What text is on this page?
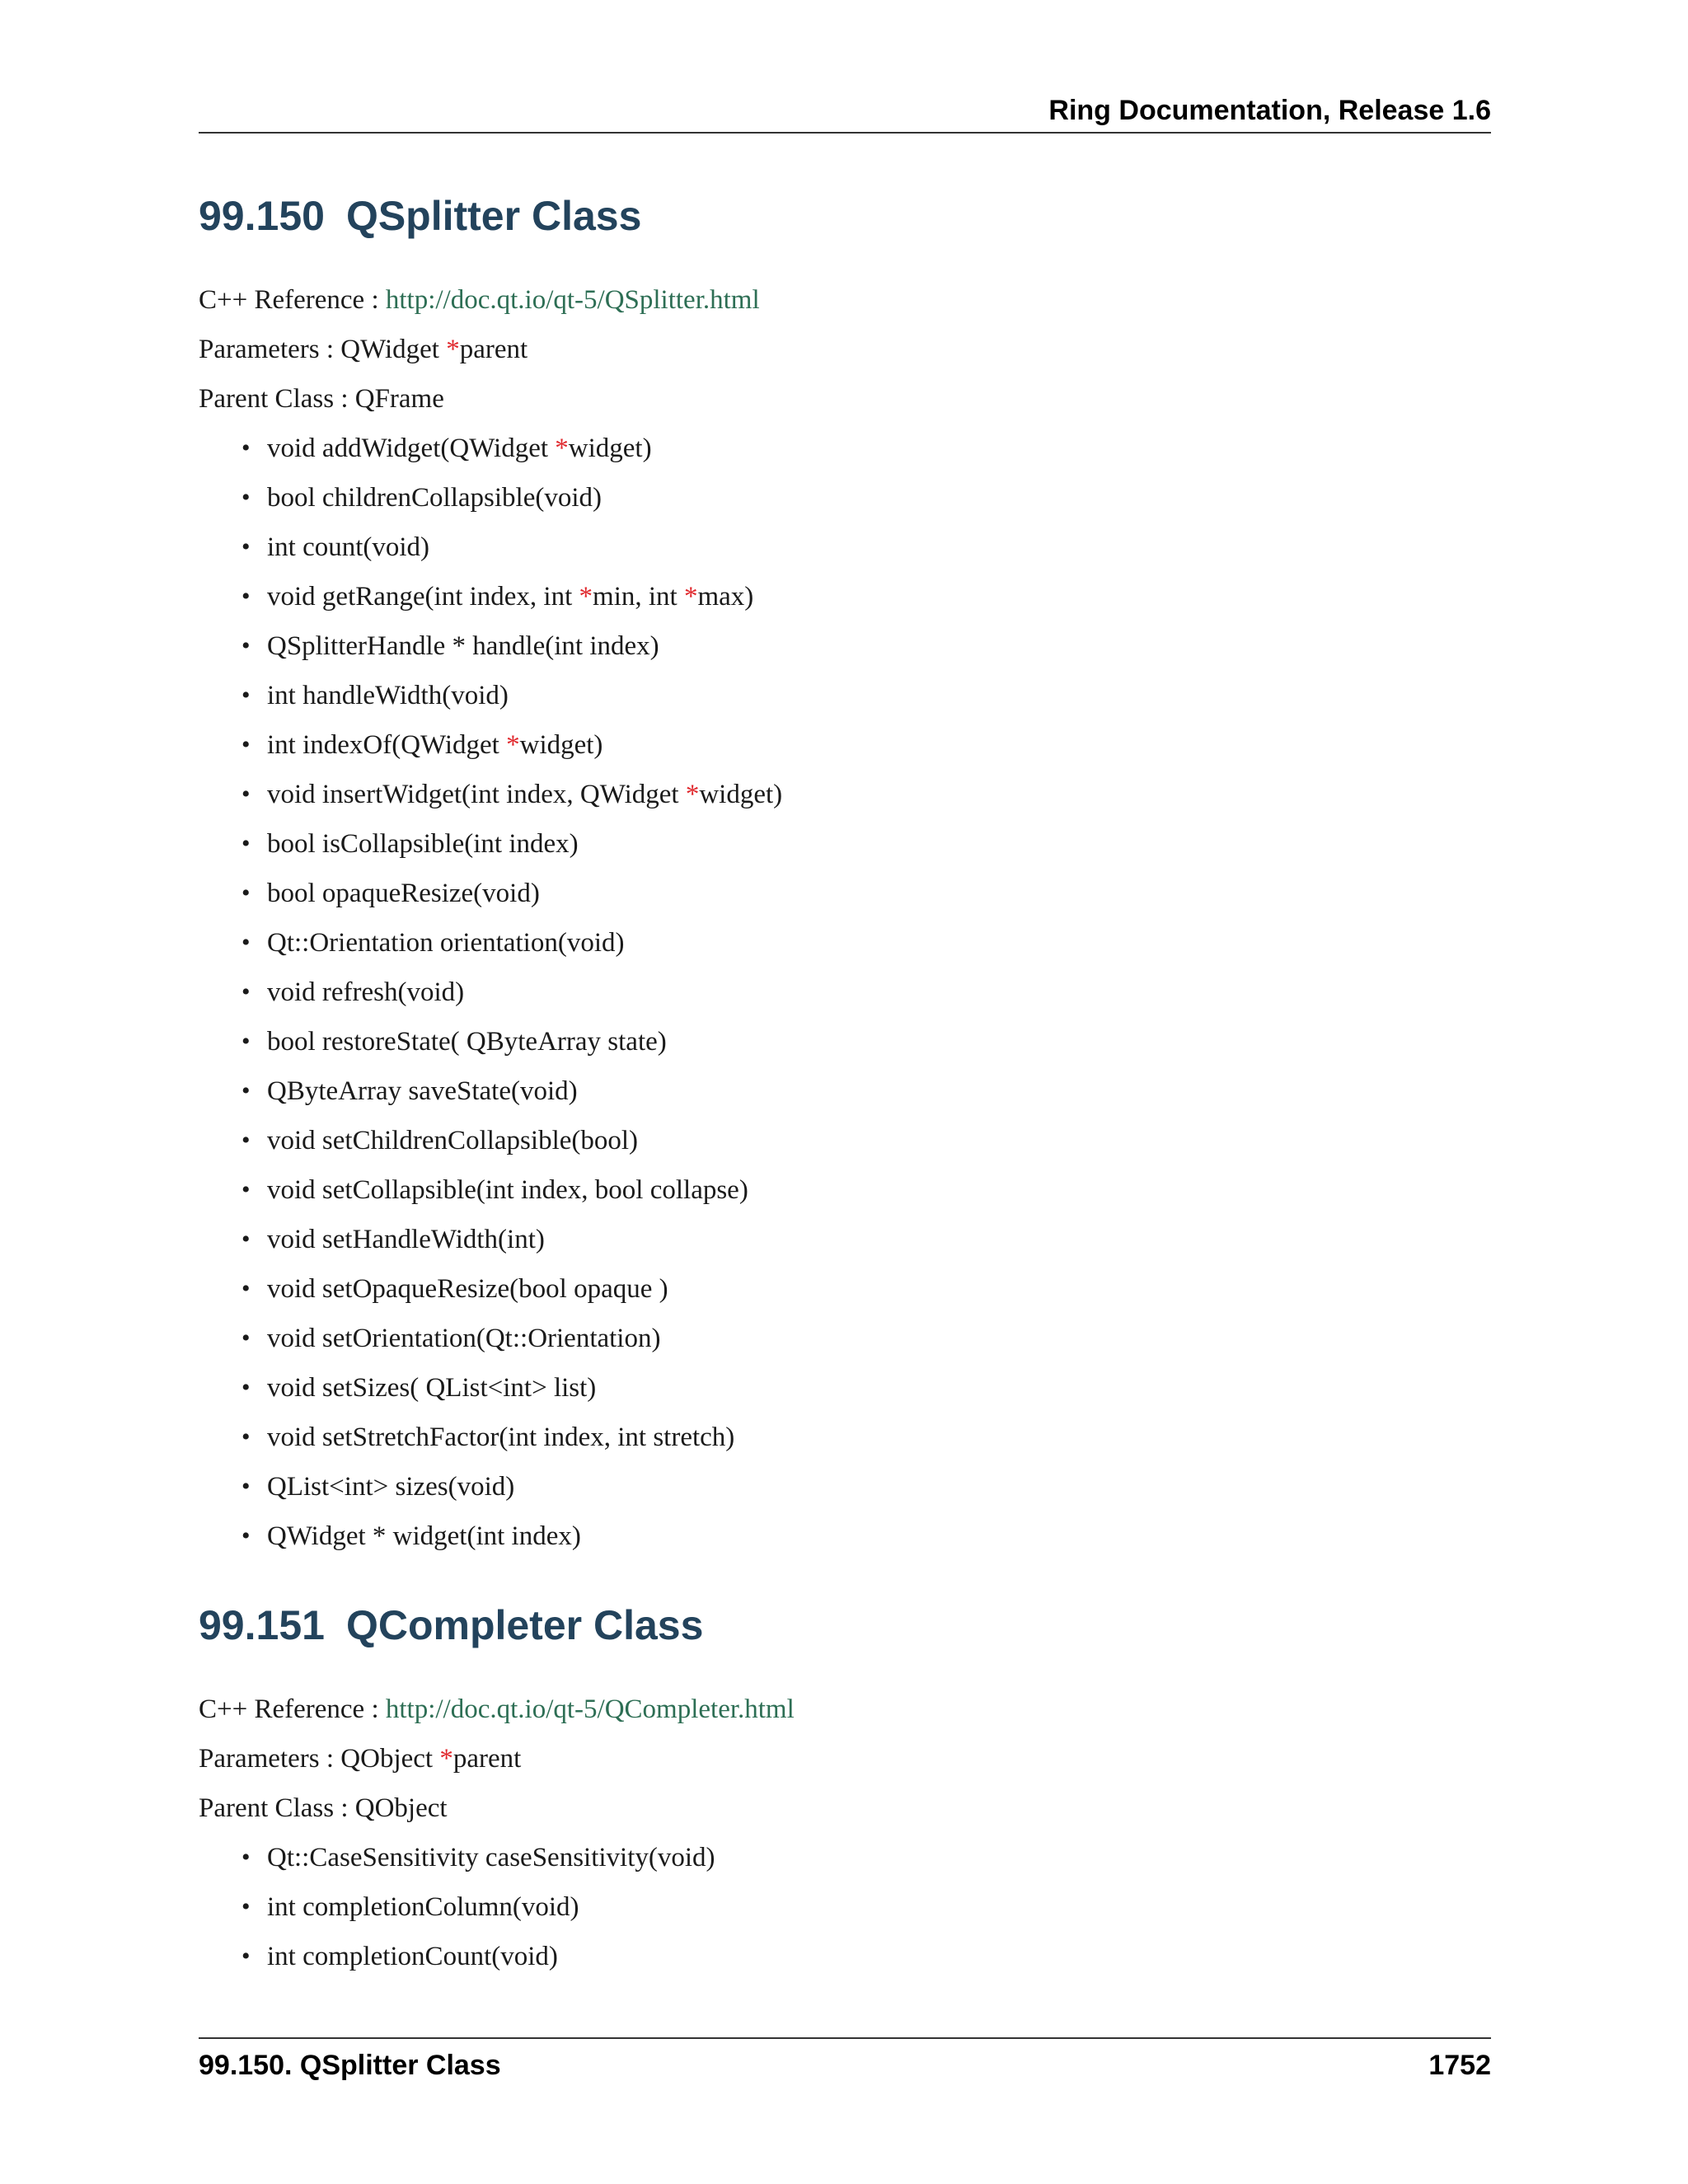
Ring Documentation, Release 1.6
99.150 QSplitter Class

C++ Reference : http://doc.qt.io/qt-5/QSplitter.html

Parameters : QWidget *parent

Parent Class : QFrame

• void addWidget(QWidget *widget)
• bool childrenCollapsible(void)
• int count(void)
• void getRange(int index, int *min, int *max)
• QSplitterHandle * handle(int index)
• int handleWidth(void)
• int indexOf(QWidget *widget)
• void insertWidget(int index, QWidget *widget)
• bool isCollapsible(int index)
• bool opaqueResize(void)
• Qt::Orientation orientation(void)
• void refresh(void)
• bool restoreState( QByteArray state)
• QByteArray saveState(void)
• void setChildrenCollapsible(bool)
• void setCollapsible(int index, bool collapse)
• void setHandleWidth(int)
• void setOpaqueResize(bool opaque )
• void setOrientation(Qt::Orientation)
• void setSizes( QList<int> list)
• void setStretchFactor(int index, int stretch)
• QList<int> sizes(void)
• QWidget * widget(int index)
99.151 QCompleter Class

C++ Reference : http://doc.qt.io/qt-5/QCompleter.html

Parameters : QObject *parent

Parent Class : QObject

• Qt::CaseSensitivity caseSensitivity(void)
• int completionColumn(void)
• int completionCount(void)
99.150. QSplitter Class	1752
